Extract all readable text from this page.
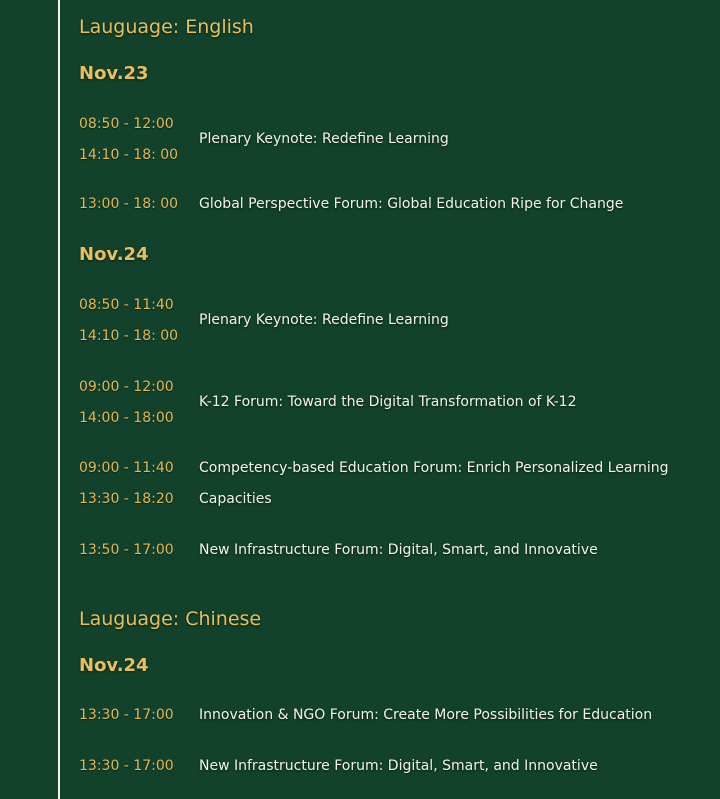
Lauguage: English
Nov.23
08:50 - 12:00
14:10 - 18: 00
Plenary Keynote: Redefine Learning
13:00 - 18: 00 Global Perspective Forum: Global Education Ripe for Change
Nov.24
08:50 - 11:40
14:10 - 18: 00
Plenary Keynote: Redefine Learning
09:00 - 12:00
14:00 - 18:00
K-12 Forum: Toward the Digital Transformation of K-12
09:00 - 11:40
13:30 - 18:20
Competency-based Education Forum: Enrich Personalized Learning
Capacities
13:50 - 17:00 New Infrastructure Forum: Digital, Smart, and Innovative
Lauguage: Chinese
Nov.24
13:30 - 17:00 Innovation & NGO Forum: Create More Possibilities for Education
13:30 - 17:00 New Infrastructure Forum: Digital, Smart, and Innovative
